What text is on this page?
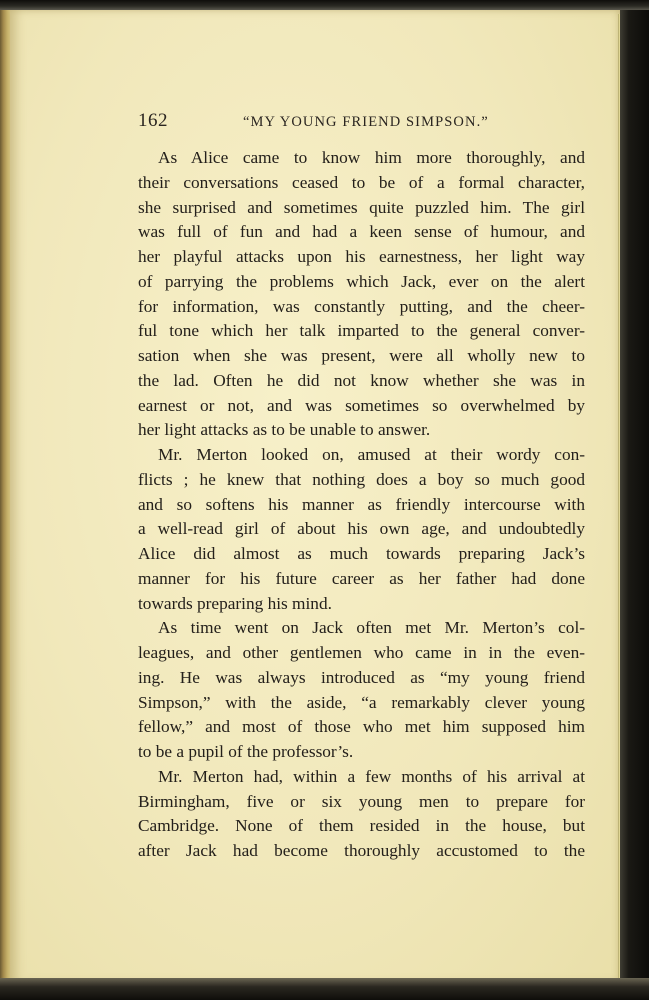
162	“MY YOUNG FRIEND SIMPSON.”
As Alice came to know him more thoroughly, and
their conversations ceased to be of a formal character,
she surprised and sometimes quite puzzled him. The girl
was full of fun and had a keen sense of humour, and
her playful attacks upon his earnestness, her light way
of parrying the problems which Jack, ever on the alert
for information, was constantly putting, and the cheer-
ful tone which her talk imparted to the general conver-
sation when she was present, were all wholly new to
the lad. Often he did not know whether she was in
earnest or not, and was sometimes so overwhelmed by
her light attacks as to be unable to answer.
Mr. Merton looked on, amused at their wordy con-
flicts ; he knew that nothing does a boy so much good
and so softens his manner as friendly intercourse with
a well-read girl of about his own age, and undoubtedly
Alice did almost as much towards preparing Jack’s
manner for his future career as her father had done
towards preparing his mind.
As time went on Jack often met Mr. Merton’s col-
leagues, and other gentlemen who came in in the even-
ing. He was always introduced as “my young friend
Simpson,” with the aside, “a remarkably clever young
fellow,” and most of those who met him supposed him
to be a pupil of the professor’s.
Mr. Merton had, within a few months of his arrival at
Birmingham, five or six young men to prepare for
Cambridge. None of them resided in the house, but
after Jack had become thoroughly accustomed to the
